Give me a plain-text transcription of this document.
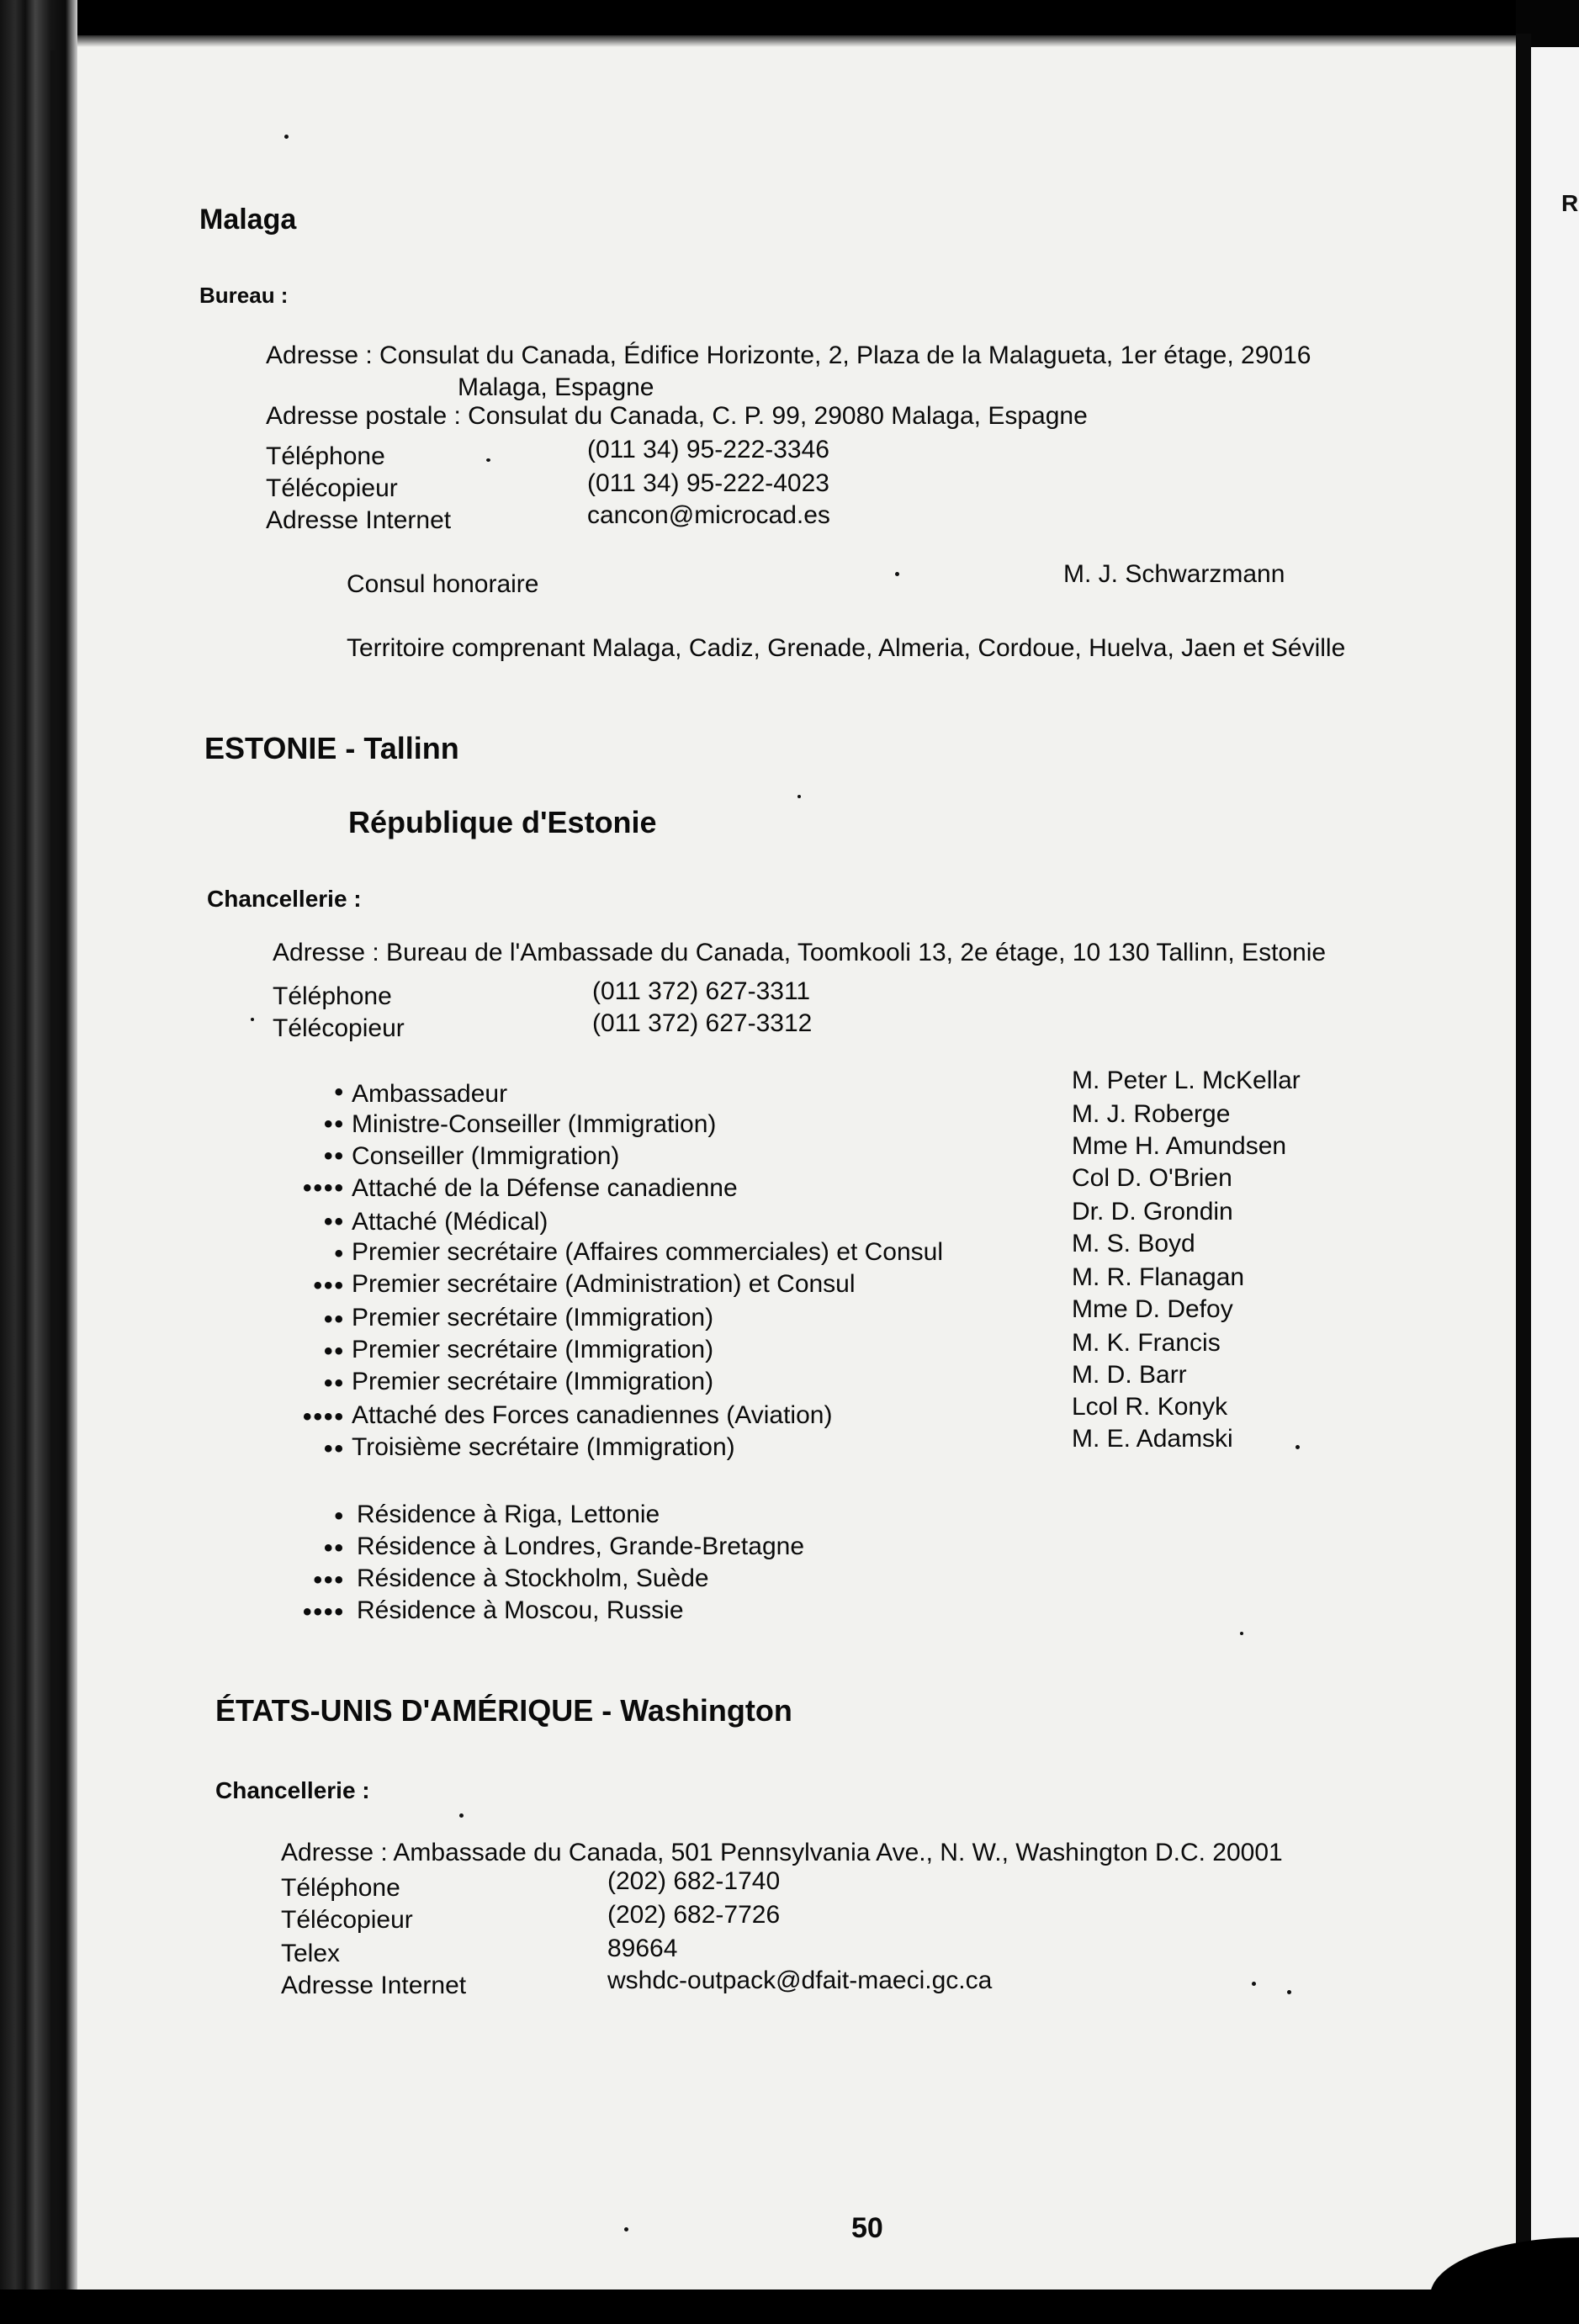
R
Malaga
Bureau :
Adresse : Consulat du Canada, Édifice Horizonte, 2, Plaza de la Malagueta, 1er étage, 29016
Malaga, Espagne
Adresse postale : Consulat du Canada, C. P. 99, 29080 Malaga, Espagne
Téléphone	(011 34) 95-222-3346
Télécopieur	(011 34) 95-222-4023
Adresse Internet	cancon@microcad.es
Consul honoraire	M. J. Schwarzmann
Territoire comprenant Malaga, Cadiz, Grenade, Almeria, Cordoue, Huelva, Jaen et Séville
ESTONIE - Tallinn
République d'Estonie
Chancellerie :
Adresse : Bureau de l'Ambassade du Canada, Toomkooli 13, 2e étage, 10 130 Tallinn, Estonie
Téléphone	(011 372) 627-3311
Télécopieur	(011 372) 627-3312
• Ambassadeur	M. Peter L. McKellar
•• Ministre-Conseiller (Immigration)	M. J. Roberge
•• Conseiller (Immigration)	Mme H. Amundsen
•••• Attaché de la Défense canadienne	Col D. O'Brien
•• Attaché (Médical)	Dr. D. Grondin
• Premier secrétaire (Affaires commerciales) et Consul	M. S. Boyd
••• Premier secrétaire (Administration) et Consul	M. R. Flanagan
•• Premier secrétaire (Immigration)	Mme D. Defoy
•• Premier secrétaire (Immigration)	M. K. Francis
•• Premier secrétaire (Immigration)	M. D. Barr
•••• Attaché des Forces canadiennes (Aviation)	Lcol R. Konyk
•• Troisième secrétaire (Immigration)	M. E. Adamski
• Résidence à Riga, Lettonie
•• Résidence à Londres, Grande-Bretagne
••• Résidence à Stockholm, Suède
•••• Résidence à Moscou, Russie
ÉTATS-UNIS D'AMÉRIQUE - Washington
Chancellerie :
Adresse : Ambassade du Canada, 501 Pennsylvania Ave., N. W., Washington D.C. 20001
Téléphone	(202) 682-1740
Télécopieur	(202) 682-7726
Telex	89664
Adresse Internet	wshdc-outpack@dfait-maeci.gc.ca
50
